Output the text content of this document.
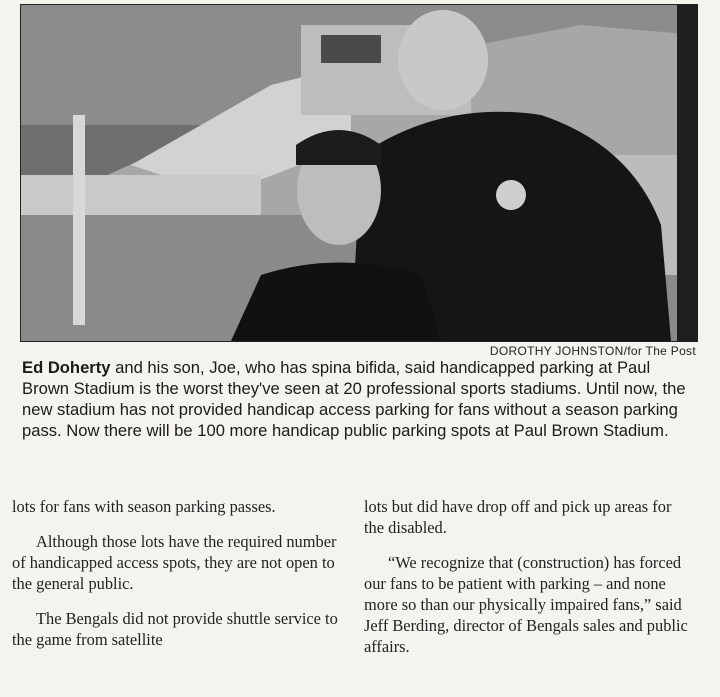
DOROTHY JOHNSTON/for The Post
Ed Doherty and his son, Joe, who has spina bifida, said handicapped parking at Paul Brown Stadium is the worst they've seen at 20 professional sports stadiums. Until now, the new stadium has not provided handicap access parking for fans without a season parking pass. Now there will be 100 more handicap public parking spots at Paul Brown Stadium.

lots for fans with season parking passes.

Although those lots have the required number of handicapped access spots, they are not open to the general public.

The Bengals did not provide shuttle service to the game from satellite

lots but did have drop off and pick up areas for the disabled.

“We recognize that (construction) has forced our fans to be patient with parking – and none more so than our physically impaired fans,” said Jeff Berding, director of Bengals sales and public affairs.
